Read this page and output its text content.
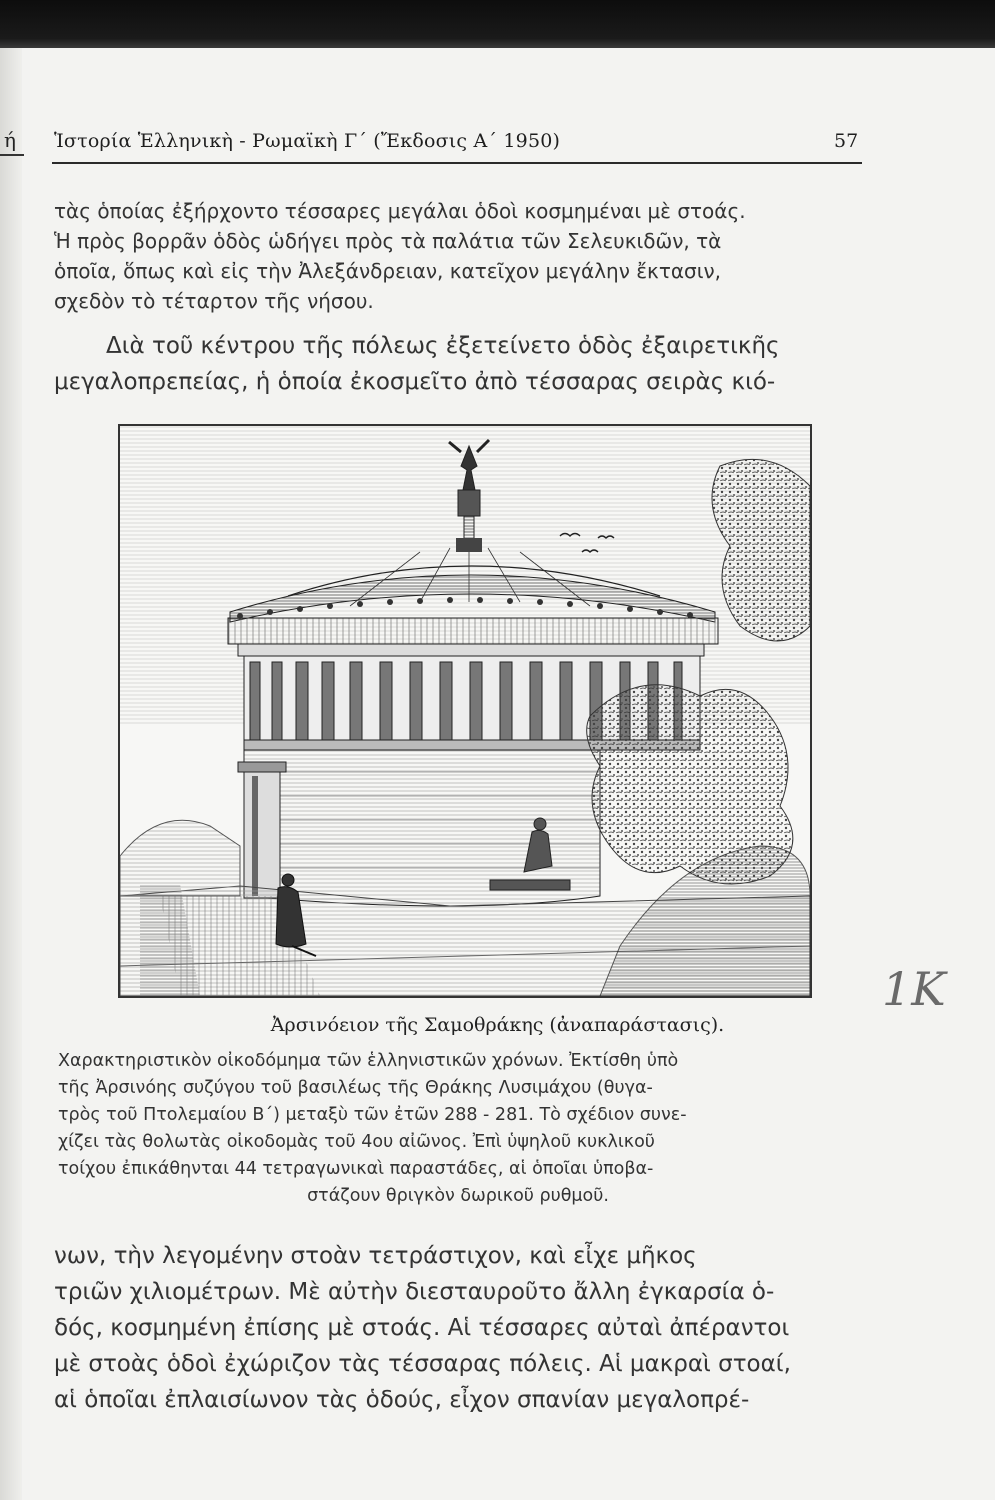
ή Ἱστορία Ἑλληνικὴ - Ρωμαϊκὴ Γ΄ (Ἔκδοσις Α΄ 1950)	57
τὰς ὁποίας ἐξήρχοντο τέσσαρες μεγάλαι ὁδοὶ κοσμημέναι μὲ στοάς.
Ἡ πρὸς βορρᾶν ὁδὸς ὡδήγει πρὸς τὰ παλάτια τῶν Σελευκιδῶν, τὰ
ὁποῖα, ὅπως καὶ εἰς τὴν Ἀλεξάνδρειαν, κατεῖχον μεγάλην ἔκτασιν,
σχεδὸν τὸ τέταρτον τῆς νήσου.
Διὰ τοῦ κέντρου τῆς πόλεως ἐξετείνετο ὁδὸς ἐξαιρετικῆς
μεγαλοπρεπείας, ἡ ὁποία ἐκοσμεῖτο ἀπὸ τέσσαρας σειρὰς κιό-
Ἀρσινόειον τῆς Σαμοθράκης (ἀναπαράστασις).
Χαρακτηριστικὸν οἰκοδόμημα τῶν ἑλληνιστικῶν χρόνων. Ἐκτίσθη ὑπὸ
τῆς Ἀρσινόης συζύγου τοῦ βασιλέως τῆς Θράκης Λυσιμάχου (θυγα-
τρὸς τοῦ Πτολεμαίου Β΄) μεταξὺ τῶν ἐτῶν 288 - 281. Τὸ σχέδιον συνε-
χίζει τὰς θολωτὰς οἰκοδομὰς τοῦ 4ου αἰῶνος. Ἐπὶ ὑψηλοῦ κυκλικοῦ
τοίχου ἐπικάθηνται 44 τετραγωνικαὶ παραστάδες, αἱ ὁποῖαι ὑποβα-
στάζουν θριγκὸν δωρικοῦ ρυθμοῦ.
νων, τὴν λεγομένην στοὰν τετράστιχον, καὶ εἶχε μῆκος
τριῶν χιλιομέτρων. Μὲ αὐτὴν διεσταυροῦτο ἄλλη ἐγκαρσία ὁ-
δός, κοσμημένη ἐπίσης μὲ στοάς. Αἱ τέσσαρες αὐταὶ ἀπέραντοι
μὲ στοὰς ὁδοὶ ἐχώριζον τὰς τέσσαρας πόλεις. Αἱ μακραὶ στοαί,
αἱ ὁποῖαι ἐπλαισίωνον τὰς ὁδούς, εἶχον σπανίαν μεγαλοπρέ-
1K
